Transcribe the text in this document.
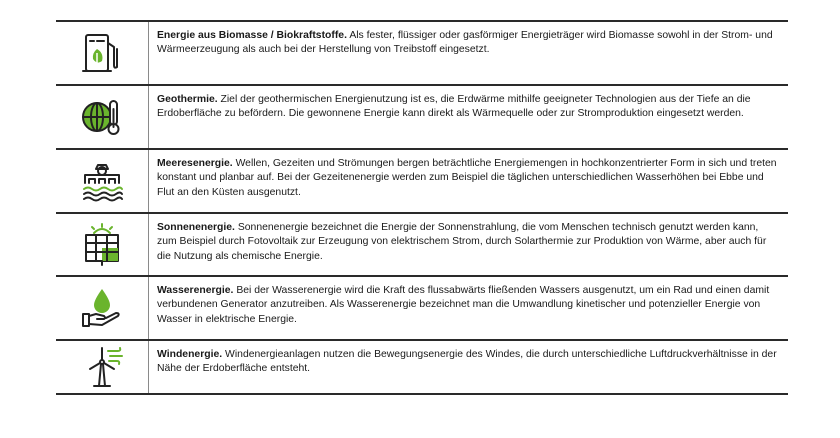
Energie aus Biomasse / Biokraftstoffe. Als fester, flüssiger oder gasförmiger Energieträger wird Biomasse sowohl in der Strom- und Wärmeerzeugung als auch bei der Herstellung von Treibstoff eingesetzt.
Geothermie. Ziel der geothermischen Energienutzung ist es, die Erdwärme mithilfe geeigneter Technologien aus der Tiefe an die Erdoberfläche zu befördern. Die gewonnene Energie kann direkt als Wärmequelle oder zur Stromproduktion eingesetzt werden.
Meeresenergie. Wellen, Gezeiten und Strömungen bergen beträchtliche Energiemengen in hochkonzentrierter Form in sich und treten konstant und planbar auf. Bei der Gezeitenenergie werden zum Beispiel die täglichen unterschiedlichen Wasserhöhen bei Ebbe und Flut an den Küsten ausgenutzt.
Sonnenenergie. Sonnenenergie bezeichnet die Energie der Sonnenstrahlung, die vom Menschen technisch genutzt werden kann, zum Beispiel durch Fotovoltaik zur Erzeugung von elektrischem Strom, durch Solarthermie zur Produktion von Wärme, aber auch für die Nutzung als chemische Energie.
Wasserenergie. Bei der Wasserenergie wird die Kraft des flussabwärts fließenden Wassers ausgenutzt, um ein Rad und einen damit verbundenen Generator anzutreiben. Als Wasserenergie bezeichnet man die Umwandlung kinetischer und potenzieller Energie von Wasser in elektrische Energie.
Windenergie. Windenergieanlagen nutzen die Bewegungsenergie des Windes, die durch unterschiedliche Luftdruckverhältnisse in der Nähe der Erdoberfläche entsteht.
